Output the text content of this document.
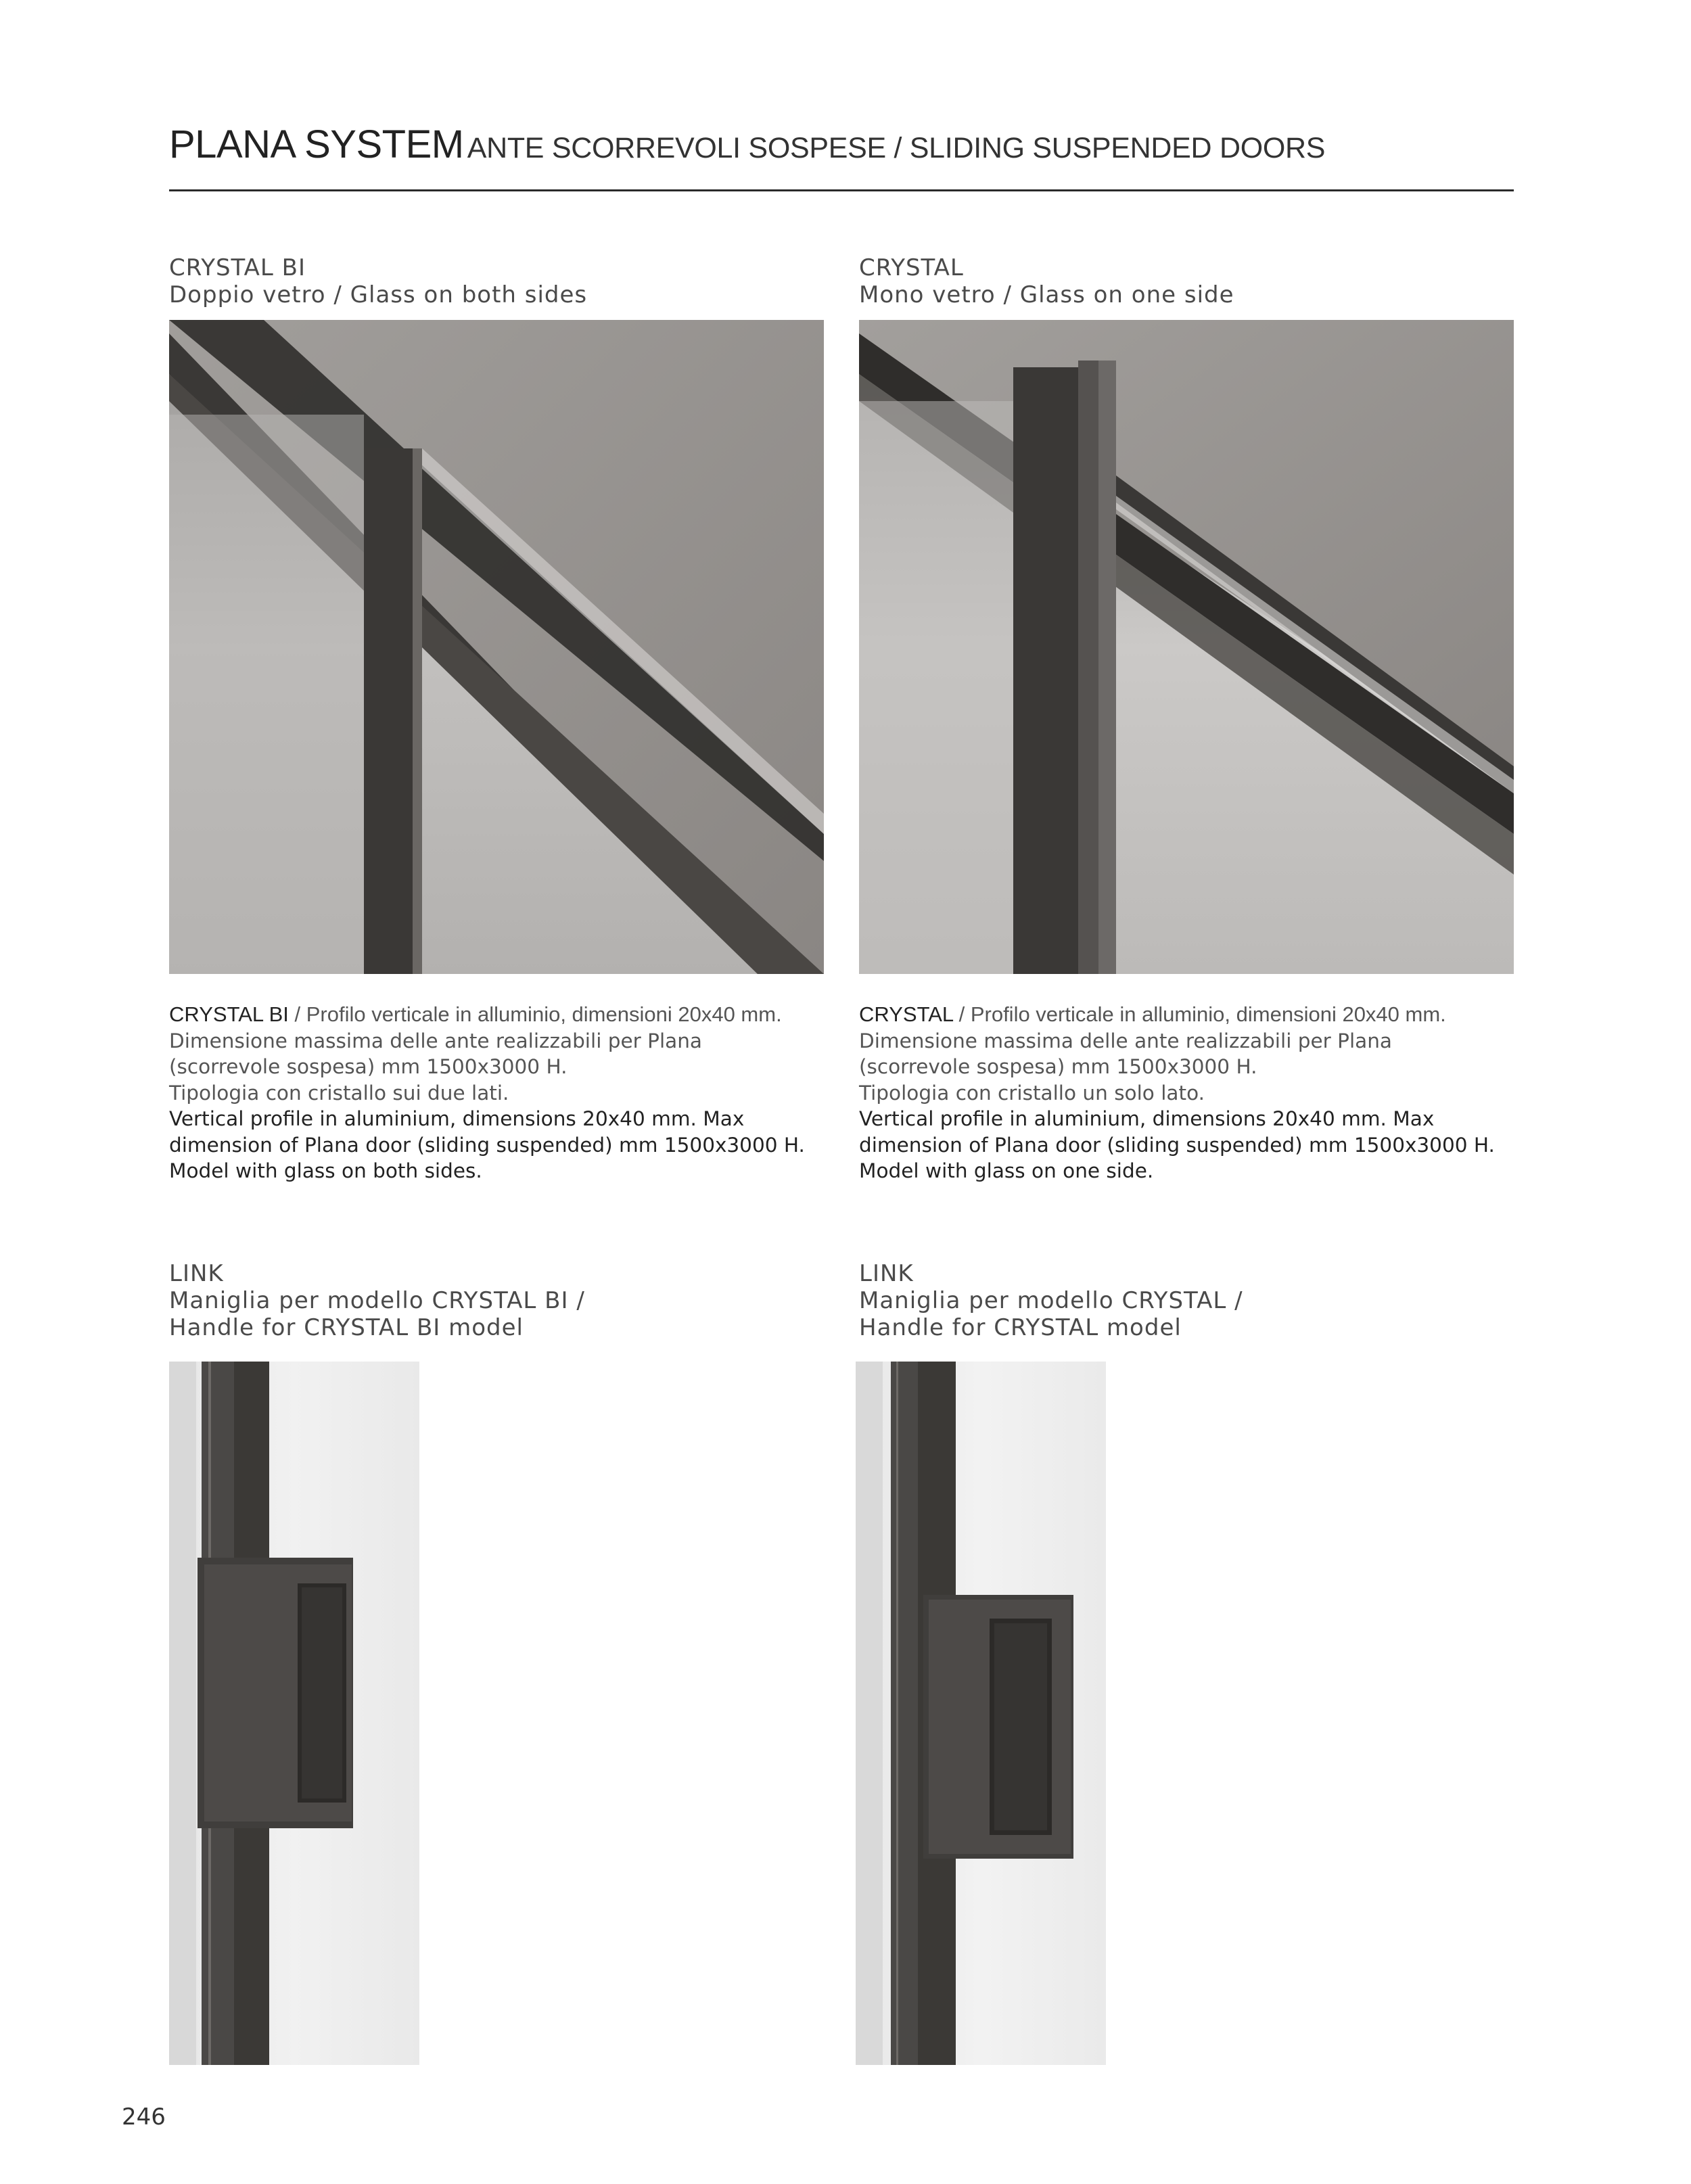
PLANA SYSTEM ANTE SCORREVOLI SOSPESE / SLIDING SUSPENDED DOORS
CRYSTAL BI
Doppio vetro / Glass on both sides
CRYSTAL BI / Profilo verticale in alluminio, dimensioni 20x40 mm.
Dimensione massima delle ante realizzabili per Plana
(scorrevole sospesa) mm 1500x3000 H.
Tipologia con cristallo sui due lati.
Vertical profile in aluminium, dimensions 20x40 mm. Max
dimension of Plana door (sliding suspended) mm 1500x3000 H.
Model with glass on both sides.
CRYSTAL
Mono vetro / Glass on one side
CRYSTAL / Profilo verticale in alluminio, dimensioni 20x40 mm.
Dimensione massima delle ante realizzabili per Plana
(scorrevole sospesa) mm 1500x3000 H.
Tipologia con cristallo un solo lato.
Vertical profile in aluminium, dimensions 20x40 mm. Max
dimension of Plana door (sliding suspended) mm 1500x3000 H.
Model with glass on one side.
LINK
Maniglia per modello CRYSTAL BI /
Handle for CRYSTAL BI model
LINK
Maniglia per modello CRYSTAL /
Handle for CRYSTAL model
246
